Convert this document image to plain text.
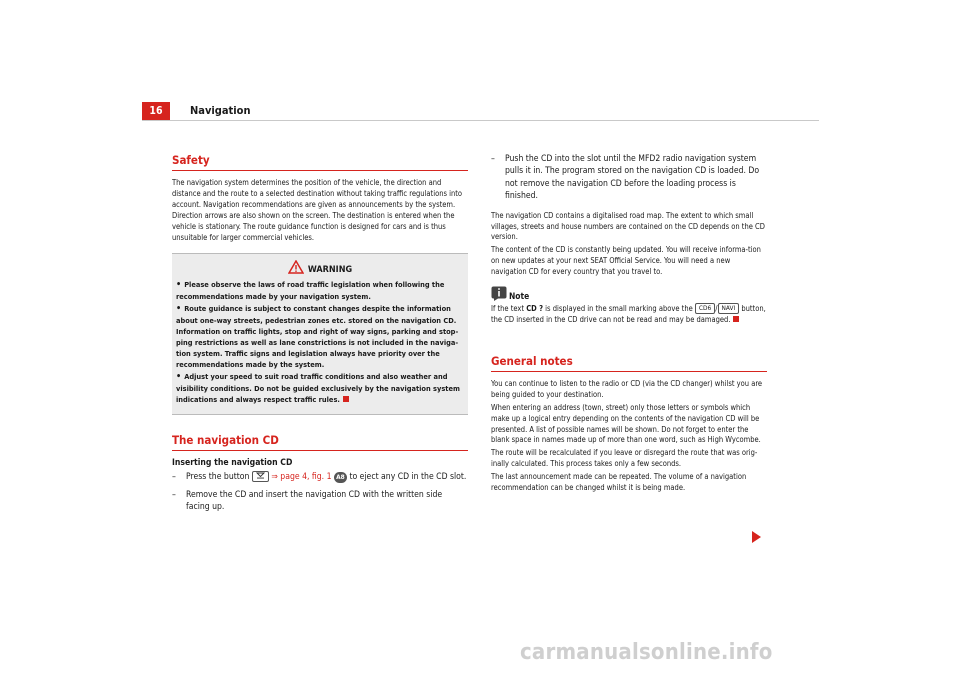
16	Navigation
Safety

The navigation system determines the position of the vehicle, the direction and distance and the route to a selected destination without taking traffic regulations into account. Navigation recommendations are given as announcements by the system. Direction arrows are also shown on the screen. The destination is entered when the vehicle is stationary. The route guidance function is designed for cars and is thus unsuitable for larger commercial vehicles.

WARNING
• Please observe the laws of road traffic legislation when following the recommendations made by your navigation system.
• Route guidance is subject to constant changes despite the information about one-way streets, pedestrian zones etc. stored on the navigation CD. Information on traffic lights, stop and right of way signs, parking and stop-ping restrictions as well as lane constrictions is not included in the naviga-tion system. Traffic signs and legislation always have priority over the recommendations made by the system.
• Adjust your speed to suit road traffic conditions and also weather and visibility conditions. Do not be guided exclusively by the navigation system indications and always respect traffic rules.
The navigation CD

Inserting the navigation CD

– Press the button	⇒ page 4, fig. 1 A8 to eject any CD in the CD slot.
– Remove the CD and insert the navigation CD with the written side facing up.
– Push the CD into the slot until the MFD2 radio navigation system pulls it in. The program stored on the navigation CD is loaded. Do not remove the navigation CD before the loading process is finished.

The navigation CD contains a digitalised road map. The extent to which small villages, streets and house numbers are contained on the CD depends on the CD version.

The content of the CD is constantly being updated. You will receive informa-tion on new updates at your next SEAT Official Service. You will need a new navigation CD for every country that you travel to.

Note

If the text CD ? is displayed in the small marking above the CD6 / NAVI button, the CD inserted in the CD drive can not be read and may be damaged.

General notes

You can continue to listen to the radio or CD (via the CD changer) whilst you are being guided to your destination.

When entering an address (town, street) only those letters or symbols which make up a logical entry depending on the contents of the navigation CD will be presented. A list of possible names will be shown. Do not forget to enter the blank space in names made up of more than one word, such as High Wycombe.

The route will be recalculated if you leave or disregard the route that was orig-inally calculated. This process takes only a few seconds.

The last announcement made can be repeated. The volume of a navigation recommendation can be changed whilst it is being made.

carmanualsonline.info
